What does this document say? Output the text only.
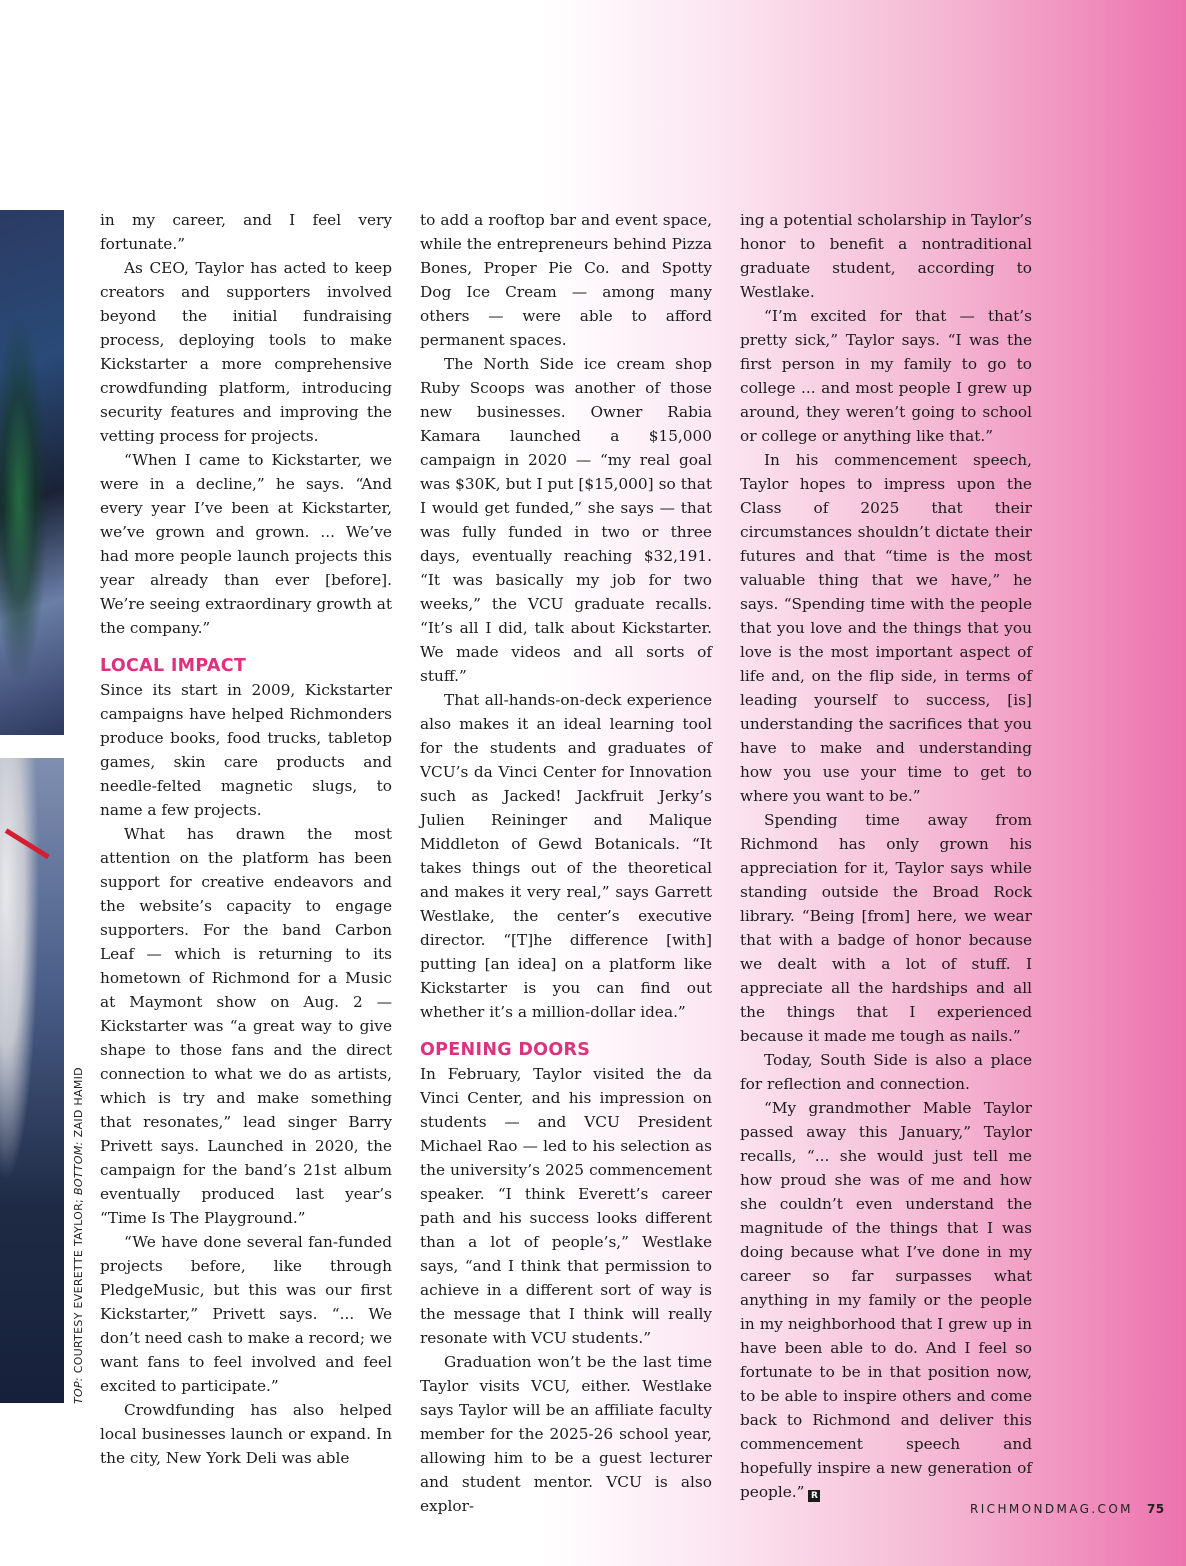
TOP:
COURTESY EVERETTE TAYLOR;
BOTTOM:
ZAID HAMID

in my career, and I feel very fortunate.”

As CEO, Taylor has acted to keep creators and supporters involved beyond the initial fundraising process, deploying tools to make Kickstarter a more comprehensive crowdfunding platform, introducing security features and improving the vetting process for projects.

“When I came to Kickstarter, we were in a decline,” he says. “And every year I’ve been at Kickstarter, we’ve grown and grown. ... We’ve had more people launch projects this year already than ever [before]. We’re seeing extraordinary growth at the company.”

LOCAL IMPACT

Since its start in 2009, Kickstarter campaigns have helped Richmonders produce books, food trucks, tabletop games, skin care products and needle-felted magnetic slugs, to name a few projects.

What has drawn the most attention on the platform has been support for creative endeavors and the website’s capacity to engage supporters. For the band Carbon Leaf — which is returning to its hometown of Richmond for a Music at Maymont show on Aug. 2 — Kickstarter was “a great way to give shape to those fans and the direct connection to what we do as artists, which is try and make something that resonates,” lead singer Barry Privett says. Launched in 2020, the campaign for the band’s 21st album eventually produced last year’s “Time Is The Playground.”

“We have done several fan-funded projects before, like through PledgeMusic, but this was our first Kickstarter,” Privett says. “... We don’t need cash to make a record; we want fans to feel involved and feel excited to participate.”

Crowdfunding has also helped local businesses launch or expand. In the city, New York Deli was able

to add a rooftop bar and event space, while the entrepreneurs behind Pizza Bones, Proper Pie Co. and Spotty Dog Ice Cream — among many others — were able to afford permanent spaces.

The North Side ice cream shop Ruby Scoops was another of those new businesses. Owner Rabia Kamara launched a $15,000 campaign in 2020 — “my real goal was $30K, but I put [$15,000] so that I would get funded,” she says — that was fully funded in two or three days, eventually reaching $32,191. “It was basically my job for two weeks,” the VCU graduate recalls. “It’s all I did, talk about Kickstarter. We made videos and all sorts of stuff.”

That all-hands-on-deck experience also makes it an ideal learning tool for the students and graduates of VCU’s da Vinci Center for Innovation such as Jacked! Jackfruit Jerky’s Julien Reininger and Malique Middleton of Gewd Botanicals. “It takes things out of the theoretical and makes it very real,” says Garrett Westlake, the center’s executive director. “[T]he difference [with] putting [an idea] on a platform like Kickstarter is you can find out whether it’s a million-dollar idea.”

OPENING DOORS

In February, Taylor visited the da Vinci Center, and his impression on students — and VCU President Michael Rao — led to his selection as the university’s 2025 commencement speaker. “I think Everett’s career path and his success looks different than a lot of people’s,” Westlake says, “and I think that permission to achieve in a different sort of way is the message that I think will really resonate with VCU students.”

Graduation won’t be the last time Taylor visits VCU, either. Westlake says Taylor will be an affiliate faculty member for the 2025-26 school year, allowing him to be a guest lecturer and student mentor. VCU is also explor-

ing a potential scholarship in Taylor’s honor to benefit a nontraditional graduate student, according to Westlake.

“I’m excited for that — that’s pretty sick,” Taylor says. “I was the first person in my family to go to college ... and most people I grew up around, they weren’t going to school or college or anything like that.”

In his commencement speech, Taylor hopes to impress upon the Class of 2025 that their circumstances shouldn’t dictate their futures and that “time is the most valuable thing that we have,” he says. “Spending time with the people that you love and the things that you love is the most important aspect of life and, on the flip side, in terms of leading yourself to success, [is] understanding the sacrifices that you have to make and understanding how you use your time to get to where you want to be.”

Spending time away from Richmond has only grown his appreciation for it, Taylor says while standing outside the Broad Rock library. “Being [from] here, we wear that with a badge of honor because we dealt with a lot of stuff. I appreciate all the hardships and all the things that I experienced because it made me tough as nails.”

Today, South Side is also a place for reflection and connection.

“My grandmother Mable Taylor passed away this January,” Taylor recalls, “... she would just tell me how proud she was of me and how she couldn’t even understand the magnitude of the things that I was doing because what I’ve done in my career so far surpasses what anything in my family or the people in my neighborhood that I grew up in have been able to do. And I feel so fortunate to be in that position now, to be able to inspire others and come back to Richmond and deliver this commencement speech and hopefully inspire a new generation of people.” R

RICHMONDMAG.COM 75
